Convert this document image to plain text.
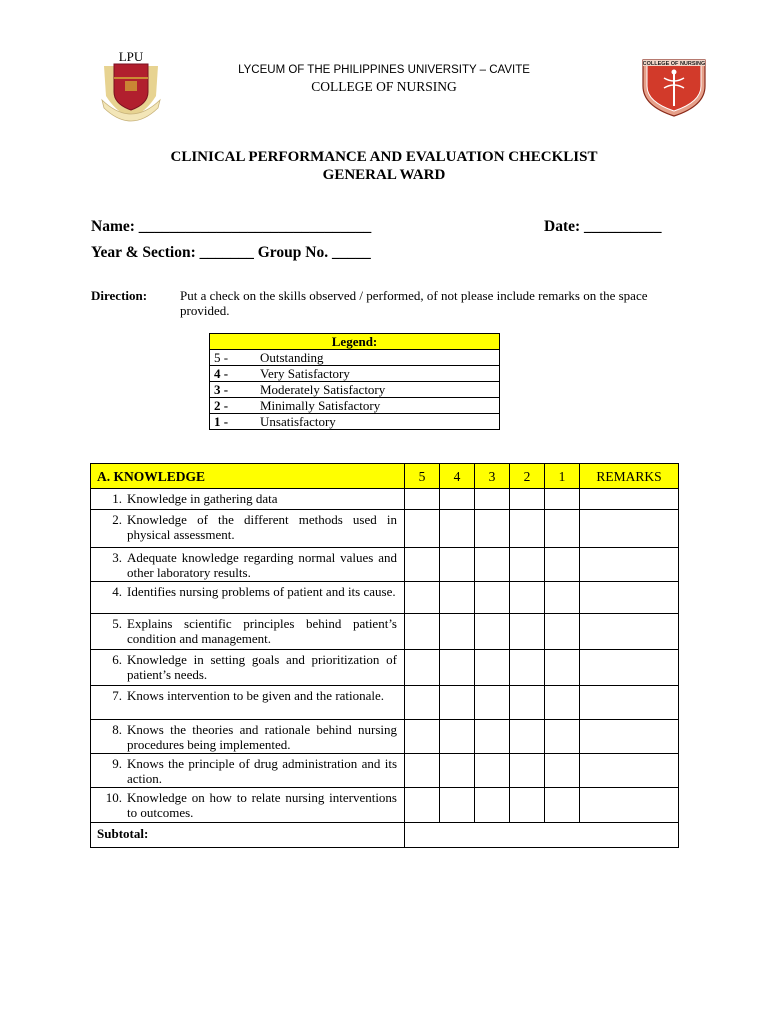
LPU	COLLEGE OF NURSING
LYCEUM OF THE PHILIPPINES UNIVERSITY – CAVITE
COLLEGE OF NURSING
CLINICAL PERFORMANCE AND EVALUATION CHECKLIST
GENERAL WARD
Name: ______________________________	Date: __________
Year & Section: _______ Group No. _____
Direction:	Put a check on the skills observed / performed, of not please include remarks on the space provided.
Legend:
5 - Outstanding
4 - Very Satisfactory
3 - Moderately Satisfactory
2 - Minimally Satisfactory
1 - Unsatisfactory
A. KNOWLEDGE	5	4	3	2	1	REMARKS

1. Knowledge in gathering data						

2. Knowledge of the different methods used in physical assessment.						

3. Adequate knowledge regarding normal values and other laboratory results.						

4. Identifies nursing problems of patient and its cause.						

5. Explains scientific principles behind patient’s condition and management.						

6. Knowledge in setting goals and prioritization of patient’s needs.						

7. Knows intervention to be given and the rationale.						

8. Knows the theories and rationale behind nursing procedures being implemented.						

9. Knows the principle of drug administration and its action.						

10. Knowledge on how to relate nursing interventions to outcomes.						

Subtotal:						
